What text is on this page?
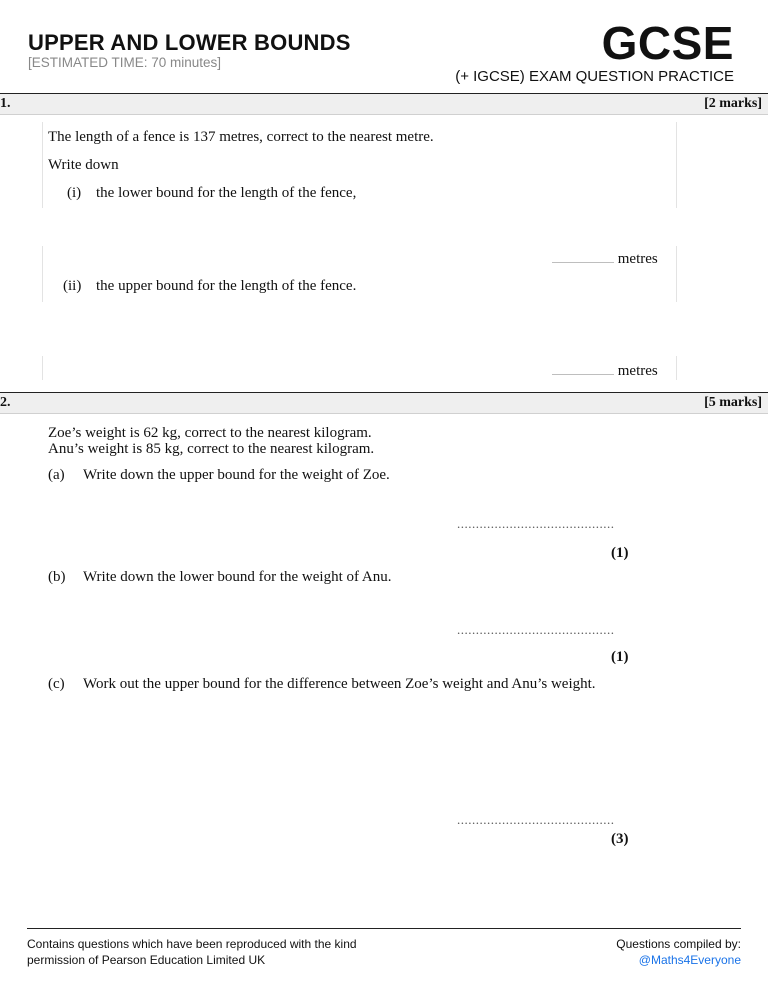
UPPER AND LOWER BOUNDS
[ESTIMATED TIME: 70 minutes]	GCSE
(+ IGCSE) EXAM QUESTION PRACTICE
1.	[2 marks]
The length of a fence is 137 metres, correct to the nearest metre.
Write down
(i) the lower bound for the length of the fence,
............................... metres
(ii) the upper bound for the length of the fence.
............................... metres
2.	[5 marks]
Zoe’s weight is 62 kg, correct to the nearest kilogram.
Anu’s weight is 85 kg, correct to the nearest kilogram.
(a) Write down the upper bound for the weight of Zoe.
..........................................
(1)
(b) Write down the lower bound for the weight of Anu.
..........................................
(1)
(c) Work out the upper bound for the difference between Zoe’s weight and Anu’s weight.
..........................................
(3)
Contains questions which have been reproduced with the kind
permission of Pearson Education Limited UK
Questions compiled by:
@Maths4Everyone
